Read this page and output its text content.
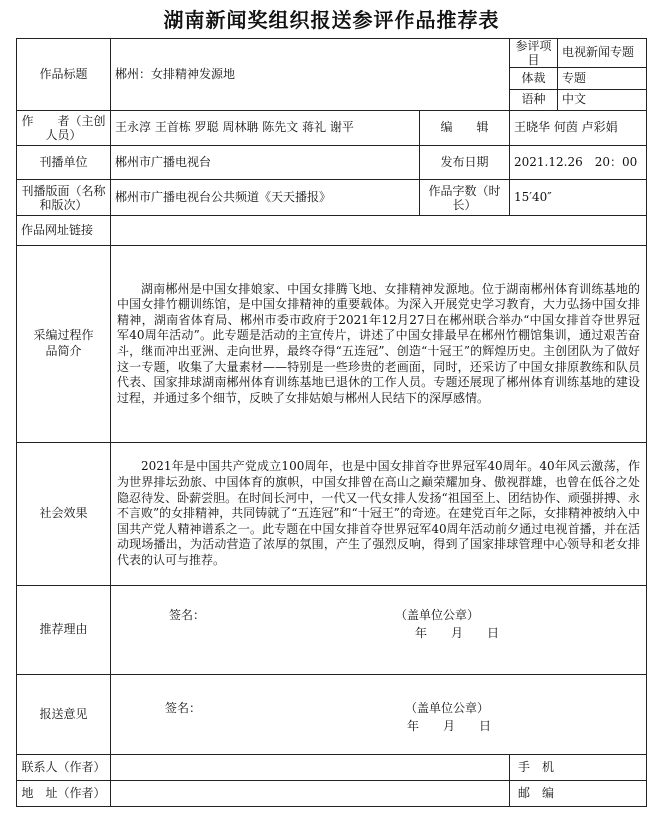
湖南新闻奖组织报送参评作品推荐表
作品标题	郴州：女排精神发源地		参评项目	电视新闻专题
			体裁	专题
			语种	中文
作　　者（主创人员）	王永淳 王首栋 罗聪 周林聃 陈先文 蒋礼 谢平	编　　辑	王晓华 何茵 卢彩娟	
刊播单位	郴州市广播电视台	发布日期	2021.12.26　20：00	
刊播版面（名称和版次）	郴州市广播电视台公共频道《天天播报》	作品字数（时长）	15′40″	
作品网址链接				
采编过程作品简介	湖南郴州是中国女排娘家、中国女排腾飞地、女排精神发源地。位于湖南郴州体育训练基地的中国女排竹棚训练馆，是中国女排精神的重要载体。为深入开展党史学习教育，大力弘扬中国女排精神，湖南省体育局、郴州市委市政府于2021年12月27日在郴州联合举办“中国女排首夺世界冠军40周年活动”。此专题是活动的主宣传片，讲述了中国女排最早在郴州竹棚馆集训，通过艰苦奋斗，继而冲出亚洲、走向世界，最终夺得“五连冠”、创造“十冠王”的辉煌历史。主创团队为了做好这一专题，收集了大量素材——特别是一些珍贵的老画面，同时，还采访了中国女排原教练和队员代表、国家排球湖南郴州体育训练基地已退休的工作人员。专题还展现了郴州体育训练基地的建设过程，并通过多个细节，反映了女排姑娘与郴州人民结下的深厚感情。			
社会效果	2021年是中国共产党成立100周年，也是中国女排首夺世界冠军40周年。40年风云激荡，作为世界排坛劲旅、中国体育的旗帜，中国女排曾在高山之巅荣耀加身、傲视群雄，也曾在低谷之处隐忍待发、卧薪尝胆。在时间长河中，一代又一代女排人发扬“祖国至上、团结协作、顽强拼搏、永不言败”的女排精神，共同铸就了“五连冠”和“十冠王”的奇迹。在建党百年之际，女排精神被纳入中国共产党人精神谱系之一。此专题在中国女排首夺世界冠军40周年活动前夕通过电视首播，并在活动现场播出，为活动营造了浓厚的氛围，产生了强烈反响，得到了国家排球管理中心领导和老女排代表的认可与推荐。			
推荐理由	签名： （盖单位公章）
年　　月　　日			

报送意见	签名： （盖单位公章）
年　　月　　日			

联系人（作者）			手　机	
地　址（作者）			邮　编	
